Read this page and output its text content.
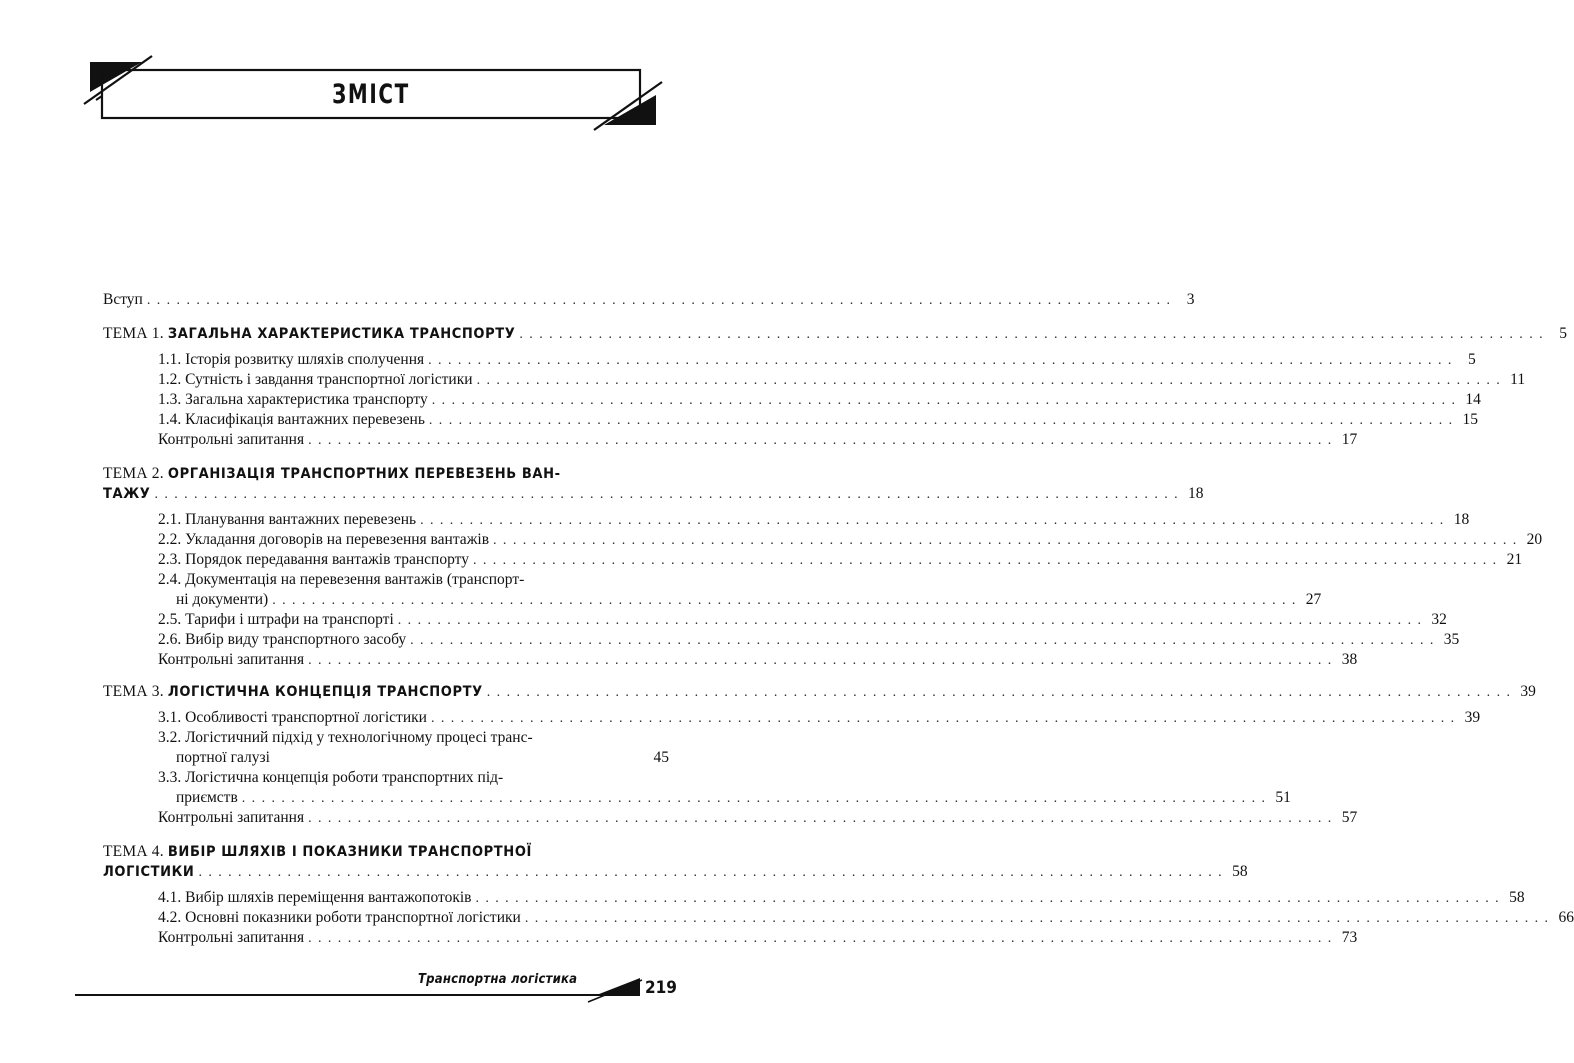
ЗМІСТ
Вступ ........................................................................................................ 3
ТЕМА 1. ЗАГАЛЬНА ХАРАКТЕРИСТИКА ТРАНСПОРТУ ........................................................................................................ 5
1.1. Історія розвитку шляхів сполучення ........................................................................................................ 5
1.2. Сутність і завдання транспортної логістики ........................................................................................................ 11
1.3. Загальна характеристика транспорту ........................................................................................................ 14
1.4. Класифікація вантажних перевезень ........................................................................................................ 15
Контрольні запитання ........................................................................................................ 17
ТЕМА 2. ОРГАНІЗАЦІЯ ТРАНСПОРТНИХ ПЕРЕВЕЗЕНЬ ВАН-
ТАЖУ ........................................................................................................ 18
2.1. Планування вантажних перевезень ........................................................................................................ 18
2.2. Укладання договорів на перевезення вантажів ........................................................................................................ 20
2.3. Порядок передавання вантажів транспорту ........................................................................................................ 21
2.4. Документація на перевезення вантажів (транспорт-
ні документи) ........................................................................................................ 27
2.5. Тарифи і штрафи на транспорті ........................................................................................................ 32
2.6. Вибір виду транспортного засобу ........................................................................................................ 35
Контрольні запитання ........................................................................................................ 38
ТЕМА 3. ЛОГІСТИЧНА КОНЦЕПЦІЯ ТРАНСПОРТУ ........................................................................................................ 39
3.1. Особливості транспортної логістики ........................................................................................................ 39
3.2. Логістичний підхід у технологічному процесі транс-
портної галузі	45
3.3. Логістична концепція роботи транспортних під-
приємств ........................................................................................................ 51
Контрольні запитання ........................................................................................................ 57
ТЕМА 4. ВИБІР ШЛЯХІВ І ПОКАЗНИКИ ТРАНСПОРТНОЇ
ЛОГІСТИКИ ........................................................................................................ 58
4.1. Вибір шляхів переміщення вантажопотоків ........................................................................................................ 58
4.2. Основні показники роботи транспортної логістики ........................................................................................................ 66
Контрольні запитання ........................................................................................................ 73
Транспортна логістика	219
